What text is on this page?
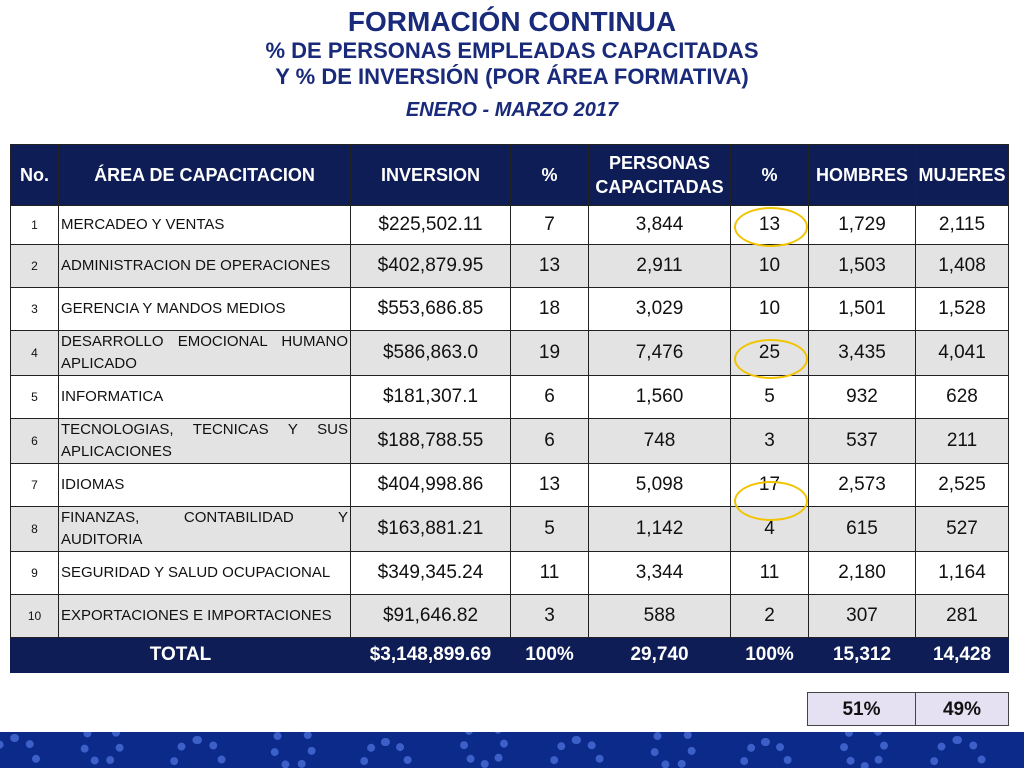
FORMACIÓN CONTINUA
% DE PERSONAS EMPLEADAS CAPACITADAS
Y % DE INVERSIÓN (POR ÁREA FORMATIVA)
ENERO - MARZO 2017
No.	ÁREA DE CAPACITACION	INVERSION	%	PERSONAS CAPACITADAS	%	HOMBRES	MUJERES
1	MERCADEO Y VENTAS	$225,502.11	7	3,844	13	1,729	2,115
2	ADMINISTRACION DE OPERACIONES	$402,879.95	13	2,911	10	1,503	1,408
3	GERENCIA Y MANDOS MEDIOS	$553,686.85	18	3,029	10	1,501	1,528
4	DESARROLLO EMOCIONAL HUMANO APLICADO	$586,863.0	19	7,476	25	3,435	4,041
5	INFORMATICA	$181,307.1	6	1,560	5	932	628
6	TECNOLOGIAS, TECNICAS Y SUS APLICACIONES	$188,788.55	6	748	3	537	211
7	IDIOMAS	$404,998.86	13	5,098	17	2,573	2,525
8	FINANZAS, CONTABILIDAD Y AUDITORIA	$163,881.21	5	1,142	4	615	527
9	SEGURIDAD Y SALUD OCUPACIONAL	$349,345.24	11	3,344	11	2,180	1,164
10	EXPORTACIONES E IMPORTACIONES	$91,646.82	3	588	2	307	281
TOTAL		$3,148,899.69	100%	29,740	100%	15,312	14,428
51%	49%
